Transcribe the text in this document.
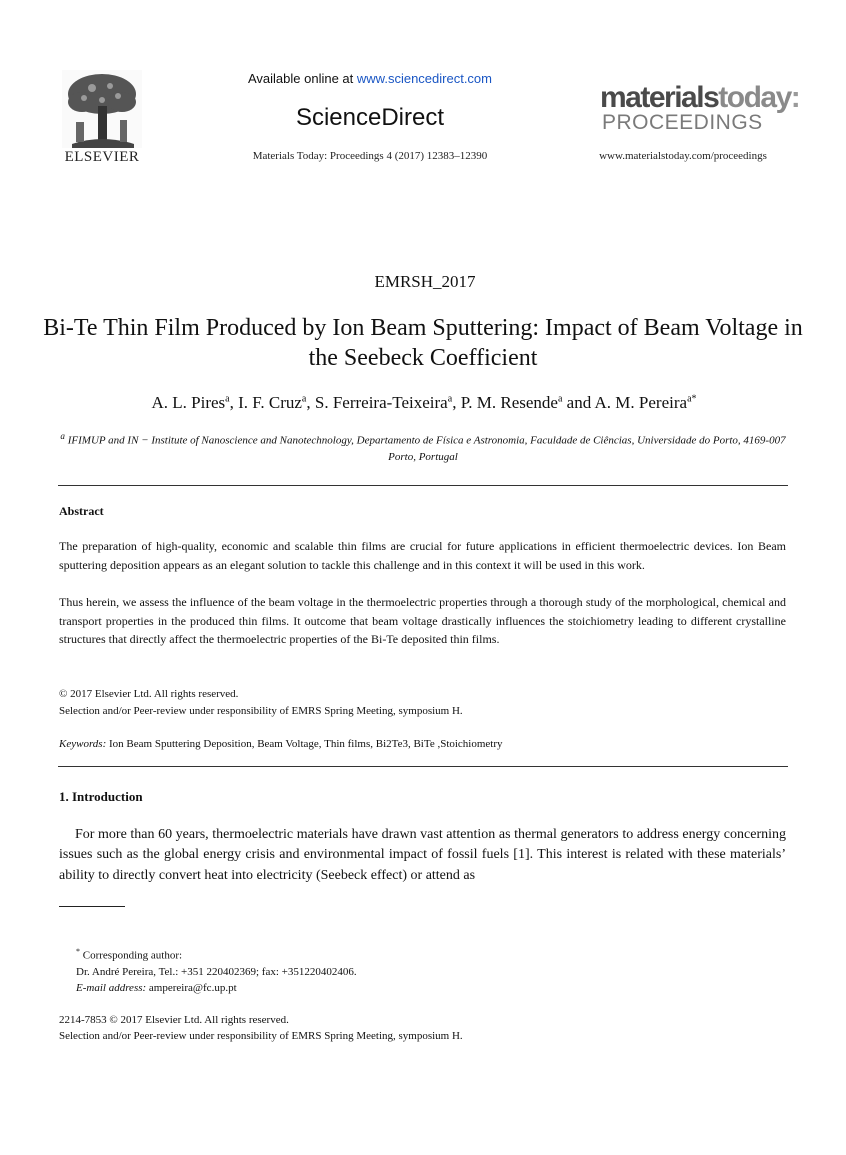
ELSEVIER
Available online at www.sciencedirect.com
ScienceDirect
Materials Today: Proceedings 4 (2017) 12383–12390
materialstoday:
PROCEEDINGS
www.materialstoday.com/proceedings
EMRSH_2017
Bi-Te Thin Film Produced by Ion Beam Sputtering: Impact of Beam Voltage in the Seebeck Coefficient
A. L. Pires$^a$, I. F. Cruz$^a$, S. Ferreira-Teixeira$^a$, P. M. Resende$^a$ and A. M. Pereira$^{a*}$
$^a$ IFIMUP and IN − Institute of Nanoscience and Nanotechnology, Departamento de Física e Astronomia, Faculdade de Ciências, Universidade do Porto, 4169-007 Porto, Portugal
Abstract
The preparation of high-quality, economic and scalable thin films are crucial for future applications in efficient thermoelectric devices. Ion Beam sputtering deposition appears as an elegant solution to tackle this challenge and in this context it will be used in this work.
Thus herein, we assess the influence of the beam voltage in the thermoelectric properties through a thorough study of the morphological, chemical and transport properties in the produced thin films. It outcome that beam voltage drastically influences the stoichiometry leading to different crystalline structures that directly affect the thermoelectric properties of the Bi-Te deposited thin films.
© 2017 Elsevier Ltd. All rights reserved.
Selection and/or Peer-review under responsibility of EMRS Spring Meeting, symposium H.
Keywords: Ion Beam Sputtering Deposition, Beam Voltage, Thin films, Bi2Te3, BiTe ,Stoichiometry
1. Introduction
For more than 60 years, thermoelectric materials have drawn vast attention as thermal generators to address energy concerning issues such as the global energy crisis and environmental impact of fossil fuels [1]. This interest is related with these materials’ ability to directly convert heat into electricity (Seebeck effect) or attend as
* Corresponding author:
Dr. André Pereira, Tel.: +351 220402369; fax: +351220402406.
E-mail address: ampereira@fc.up.pt
2214-7853 © 2017 Elsevier Ltd. All rights reserved.
Selection and/or Peer-review under responsibility of EMRS Spring Meeting, symposium H.
